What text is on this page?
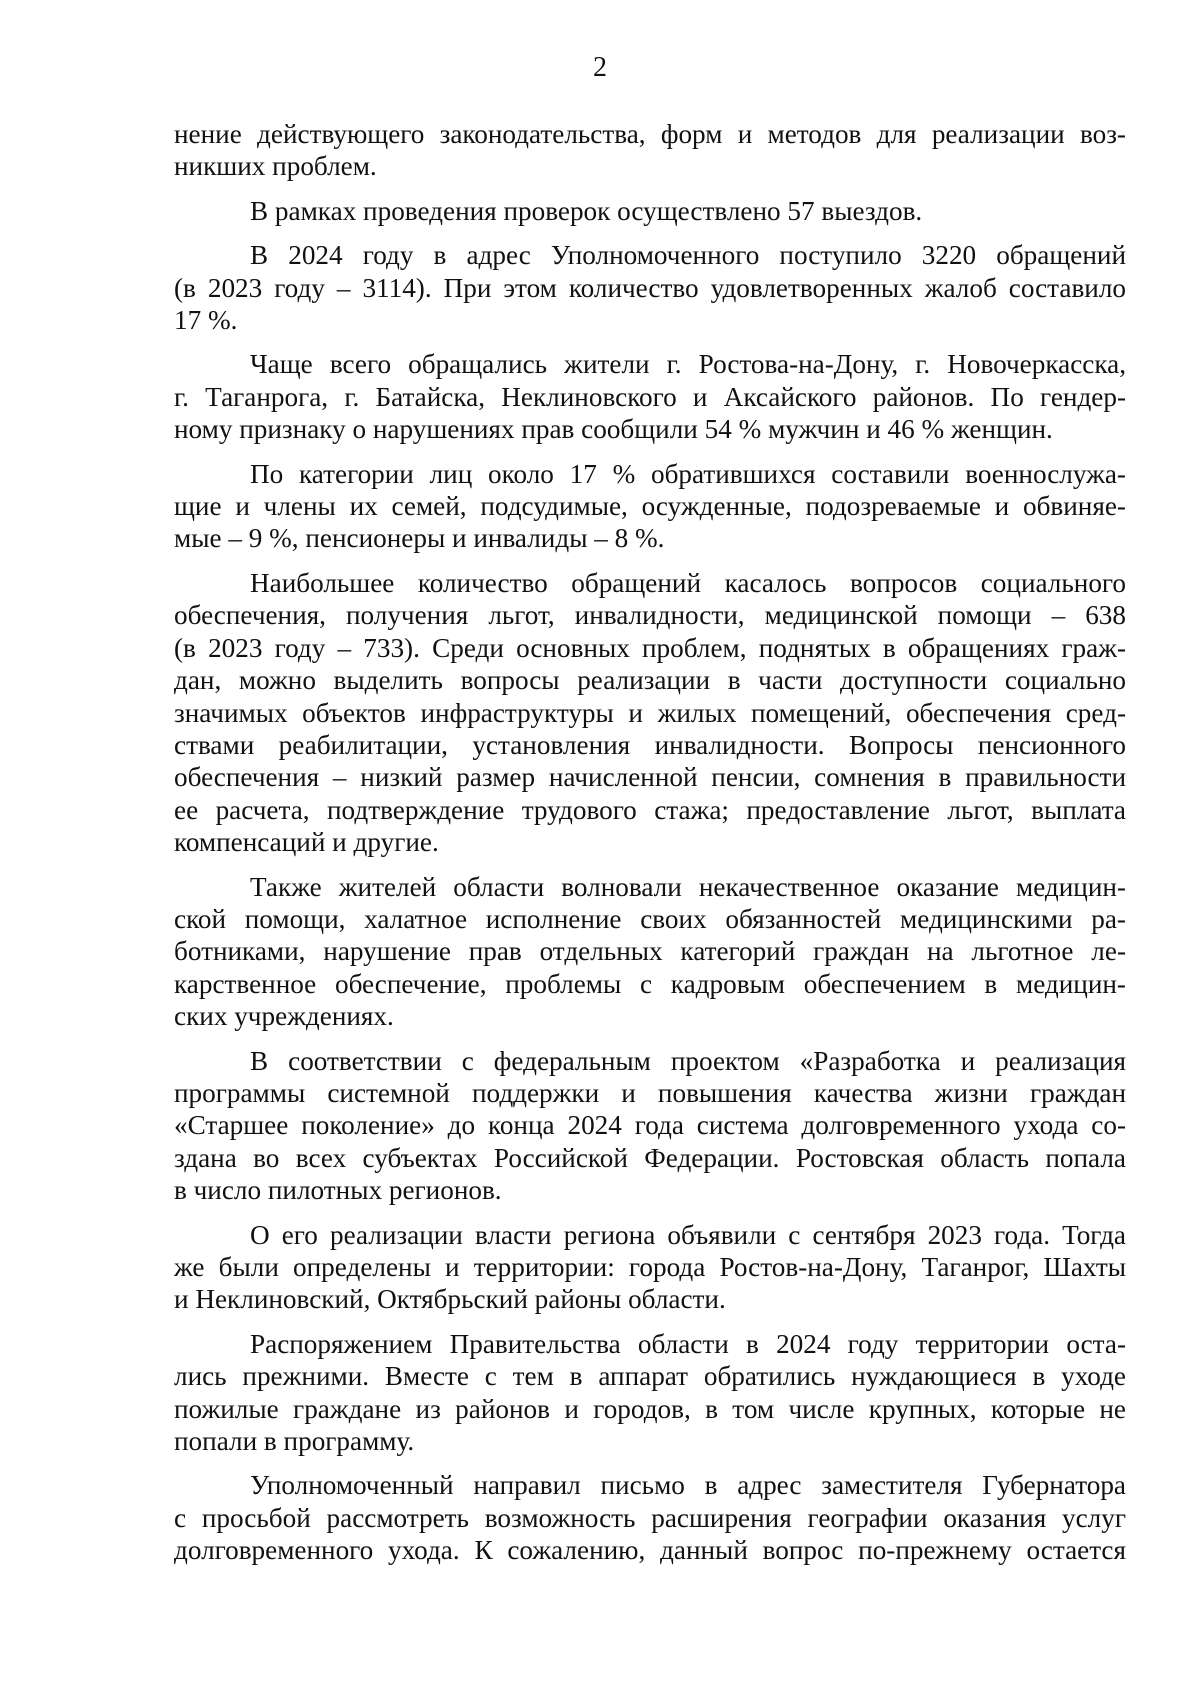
2
нение действующего законодательства, форм и методов для реализации воз-
никших проблем.
В рамках проведения проверок осуществлено 57 выездов.
В 2024 году в адрес Уполномоченного поступило 3220 обращений
(в 2023 году – 3114). При этом количество удовлетворенных жалоб составило
17 %.
Чаще всего обращались жители г. Ростова-на-Дону, г. Новочеркасска,
г. Таганрога, г. Батайска, Неклиновского и Аксайского районов. По гендер-
ному признаку о нарушениях прав сообщили 54 % мужчин и 46 % женщин.
По категории лиц около 17 % обратившихся составили военнослужа-
щие и члены их семей, подсудимые, осужденные, подозреваемые и обвиняе-
мые – 9 %, пенсионеры и инвалиды – 8 %.
Наибольшее количество обращений касалось вопросов социального
обеспечения, получения льгот, инвалидности, медицинской помощи – 638
(в 2023 году – 733). Среди основных проблем, поднятых в обращениях граж-
дан, можно выделить вопросы реализации в части доступности социально
значимых объектов инфраструктуры и жилых помещений, обеспечения сред-
ствами реабилитации, установления инвалидности. Вопросы пенсионного
обеспечения – низкий размер начисленной пенсии, сомнения в правильности
ее расчета, подтверждение трудового стажа; предоставление льгот, выплата
компенсаций и другие.
Также жителей области волновали некачественное оказание медицин-
ской помощи, халатное исполнение своих обязанностей медицинскими ра-
ботниками, нарушение прав отдельных категорий граждан на льготное ле-
карственное обеспечение, проблемы с кадровым обеспечением в медицин-
ских учреждениях.
В соответствии с федеральным проектом «Разработка и реализация
программы системной поддержки и повышения качества жизни граждан
«Старшее поколение» до конца 2024 года система долговременного ухода со-
здана во всех субъектах Российской Федерации. Ростовская область попала
в число пилотных регионов.
О его реализации власти региона объявили с сентября 2023 года. Тогда
же были определены и территории: города Ростов-на-Дону, Таганрог, Шахты
и Неклиновский, Октябрьский районы области.
Распоряжением Правительства области в 2024 году территории оста-
лись прежними. Вместе с тем в аппарат обратились нуждающиеся в уходе
пожилые граждане из районов и городов, в том числе крупных, которые не
попали в программу.
Уполномоченный направил письмо в адрес заместителя Губернатора
с просьбой рассмотреть возможность расширения географии оказания услуг
долговременного ухода. К сожалению, данный вопрос по-прежнему остается
